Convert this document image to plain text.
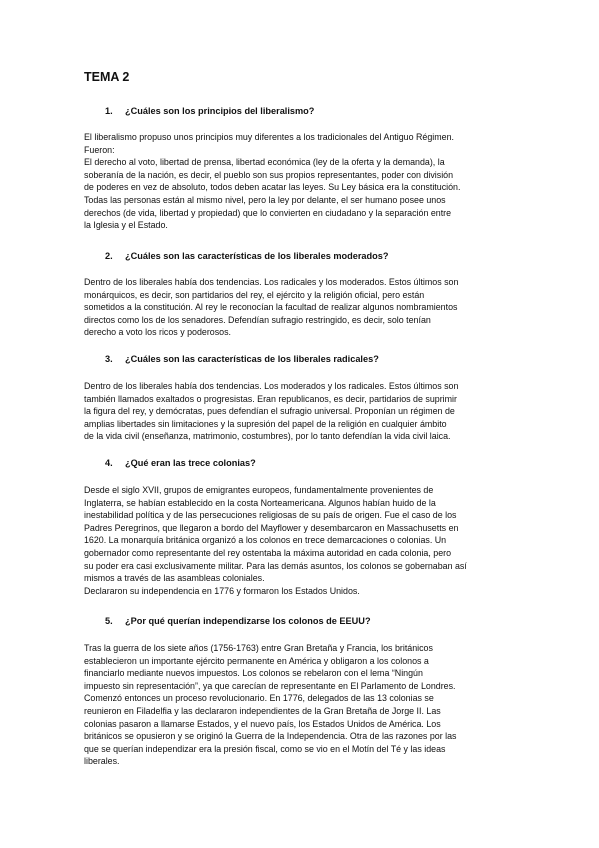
TEMA 2
1. ¿Cuáles son los principios del liberalismo?
El liberalismo propuso unos principios muy diferentes a los tradicionales del Antiguo Régimen.
Fueron:
El derecho al voto, libertad de prensa, libertad económica (ley de la oferta y la demanda), la
soberanía de la nación, es decir, el pueblo son sus propios representantes, poder con división
de poderes en vez de absoluto, todos deben acatar las leyes. Su Ley básica era la constitución.
Todas las personas están al mismo nivel, pero la ley por delante, el ser humano posee unos
derechos (de vida, libertad y propiedad) que lo convierten en ciudadano y la separación entre
la Iglesia y el Estado.
2. ¿Cuáles son las características de los liberales moderados?
Dentro de los liberales había dos tendencias. Los radicales y los moderados. Estos últimos son
monárquicos, es decir, son partidarios del rey, el ejército y la religión oficial, pero están
sometidos a la constitución. Al rey le reconocían la facultad de realizar algunos nombramientos
directos como los de los senadores. Defendían sufragio restringido, es decir, solo tenían
derecho a voto los ricos y poderosos.
3. ¿Cuáles son las características de los liberales radicales?
Dentro de los liberales había dos tendencias. Los moderados y los radicales. Estos últimos son
también llamados exaltados o progresistas. Eran republicanos, es decir, partidarios de suprimir
la figura del rey, y demócratas, pues defendían el sufragio universal. Proponían un régimen de
amplias libertades sin limitaciones y la supresión del papel de la religión en cualquier ámbito
de la vida civil (enseñanza, matrimonio, costumbres), por lo tanto defendían la vida civil laica.
4. ¿Qué eran las trece colonias?
Desde el siglo XVII, grupos de emigrantes europeos, fundamentalmente provenientes de
Inglaterra, se habían establecido en la costa Norteamericana. Algunos habían huido de la
inestabilidad política y de las persecuciones religiosas de su país de origen. Fue el caso de los
Padres Peregrinos, que llegaron a bordo del Mayflower y desembarcaron en Massachusetts en
1620. La monarquía británica organizó a los colonos en trece demarcaciones o colonias. Un
gobernador como representante del rey ostentaba la máxima autoridad en cada colonia, pero
su poder era casi exclusivamente militar. Para las demás asuntos, los colonos se gobernaban así
mismos a través de las asambleas coloniales.
Declararon su independencia en 1776 y formaron los Estados Unidos.
5. ¿Por qué querían independizarse los colonos de EEUU?
Tras la guerra de los siete años (1756-1763) entre Gran Bretaña y Francia, los británicos
establecieron un importante ejército permanente en América y obligaron a los colonos a
financiarlo mediante nuevos impuestos. Los colonos se rebelaron con el lema “Ningún
impuesto sin representación”, ya que carecían de representante en El Parlamento de Londres.
Comenzó entonces un proceso revolucionario. En 1776, delegados de las 13 colonias se
reunieron en Filadelfia y las declararon independientes de la Gran Bretaña de Jorge II. Las
colonias pasaron a llamarse Estados, y el nuevo país, los Estados Unidos de América. Los
británicos se opusieron y se originó la Guerra de la Independencia. Otra de las razones por las
que se querían independizar era la presión fiscal, como se vio en el Motín del Té y las ideas
liberales.
